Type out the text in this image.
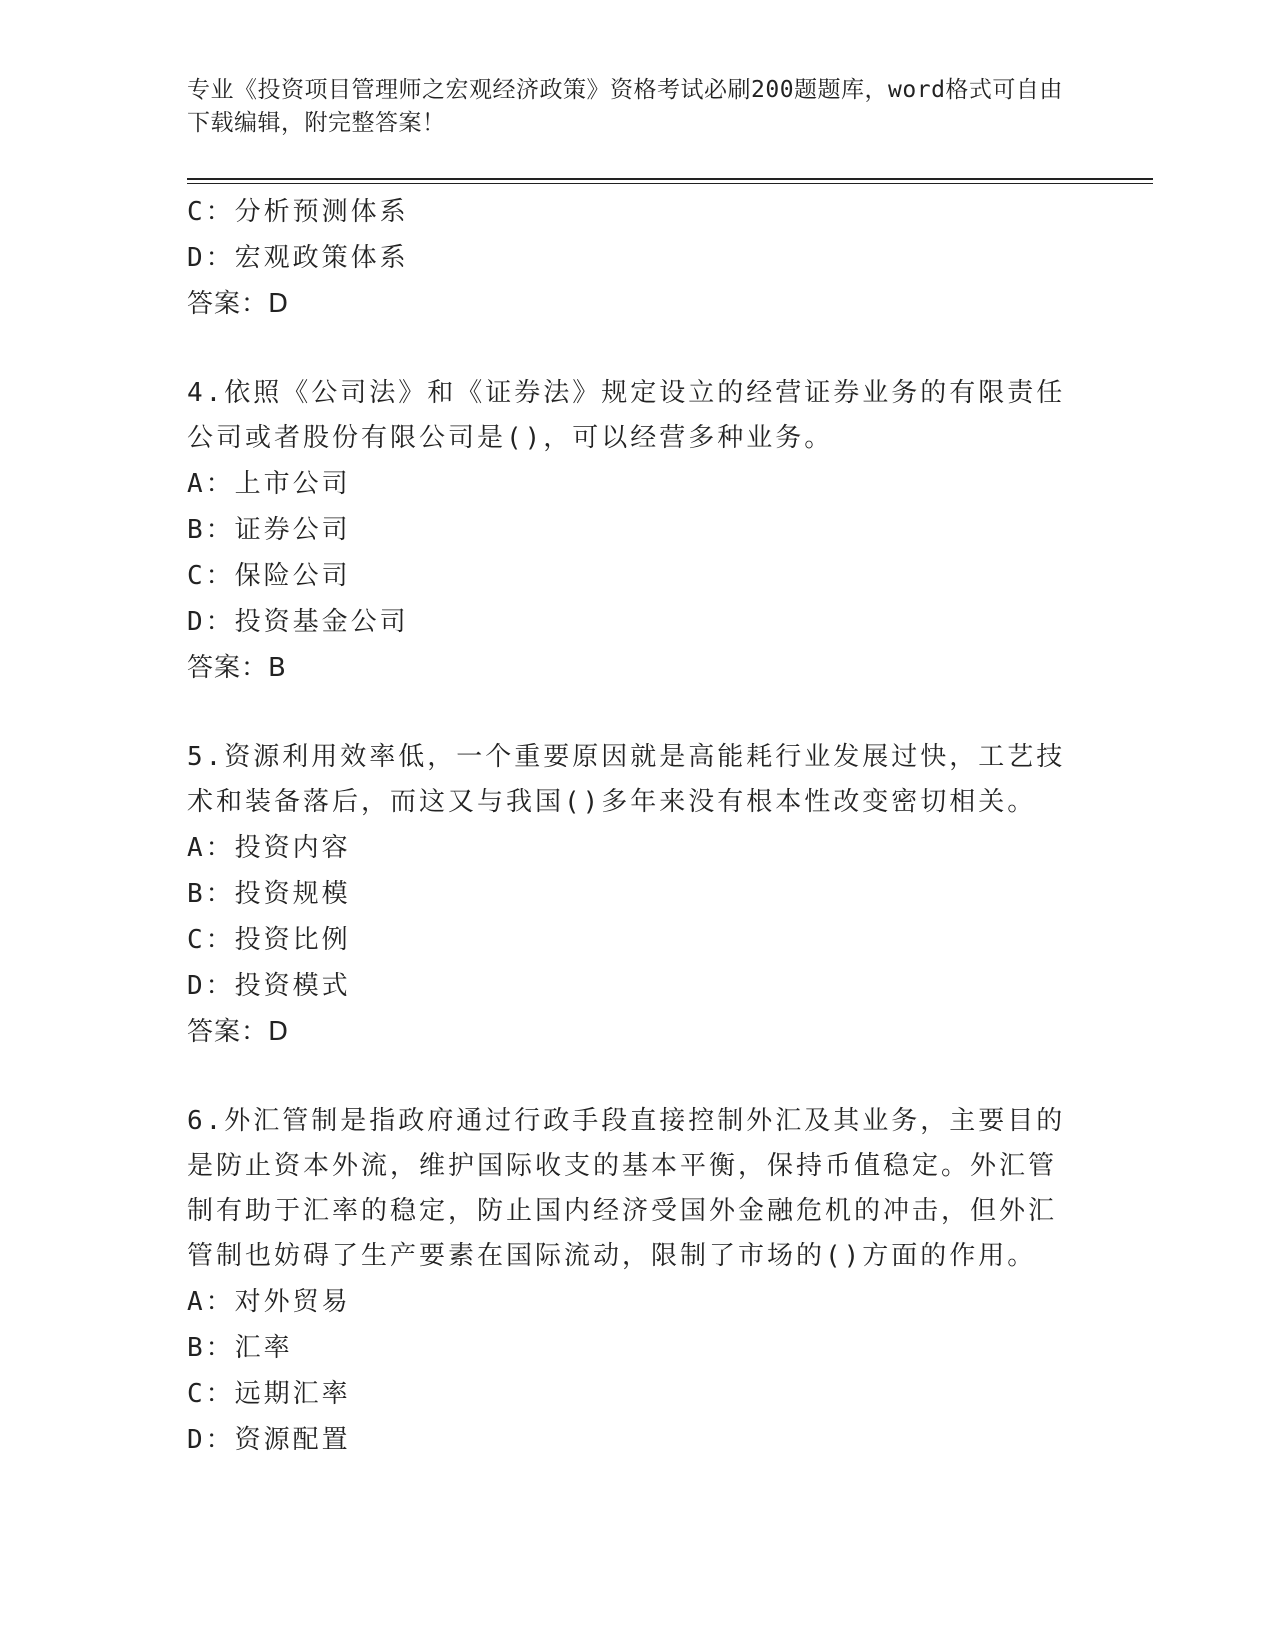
专业《投资项目管理师之宏观经济政策》资格考试必刷200题题库，word格式可自由下载编辑，附完整答案！
C：分析预测体系
D：宏观政策体系
答案：D
4.依照《公司法》和《证券法》规定设立的经营证券业务的有限责任公司或者股份有限公司是()，可以经营多种业务。
A：上市公司
B：证券公司
C：保险公司
D：投资基金公司
答案：B
5.资源利用效率低，一个重要原因就是高能耗行业发展过快，工艺技术和装备落后，而这又与我国()多年来没有根本性改变密切相关。
A：投资内容
B：投资规模
C：投资比例
D：投资模式
答案：D
6.外汇管制是指政府通过行政手段直接控制外汇及其业务，主要目的是防止资本外流，维护国际收支的基本平衡，保持币值稳定。外汇管制有助于汇率的稳定，防止国内经济受国外金融危机的冲击，但外汇管制也妨碍了生产要素在国际流动，限制了市场的()方面的作用。
A：对外贸易
B：汇率
C：远期汇率
D：资源配置
